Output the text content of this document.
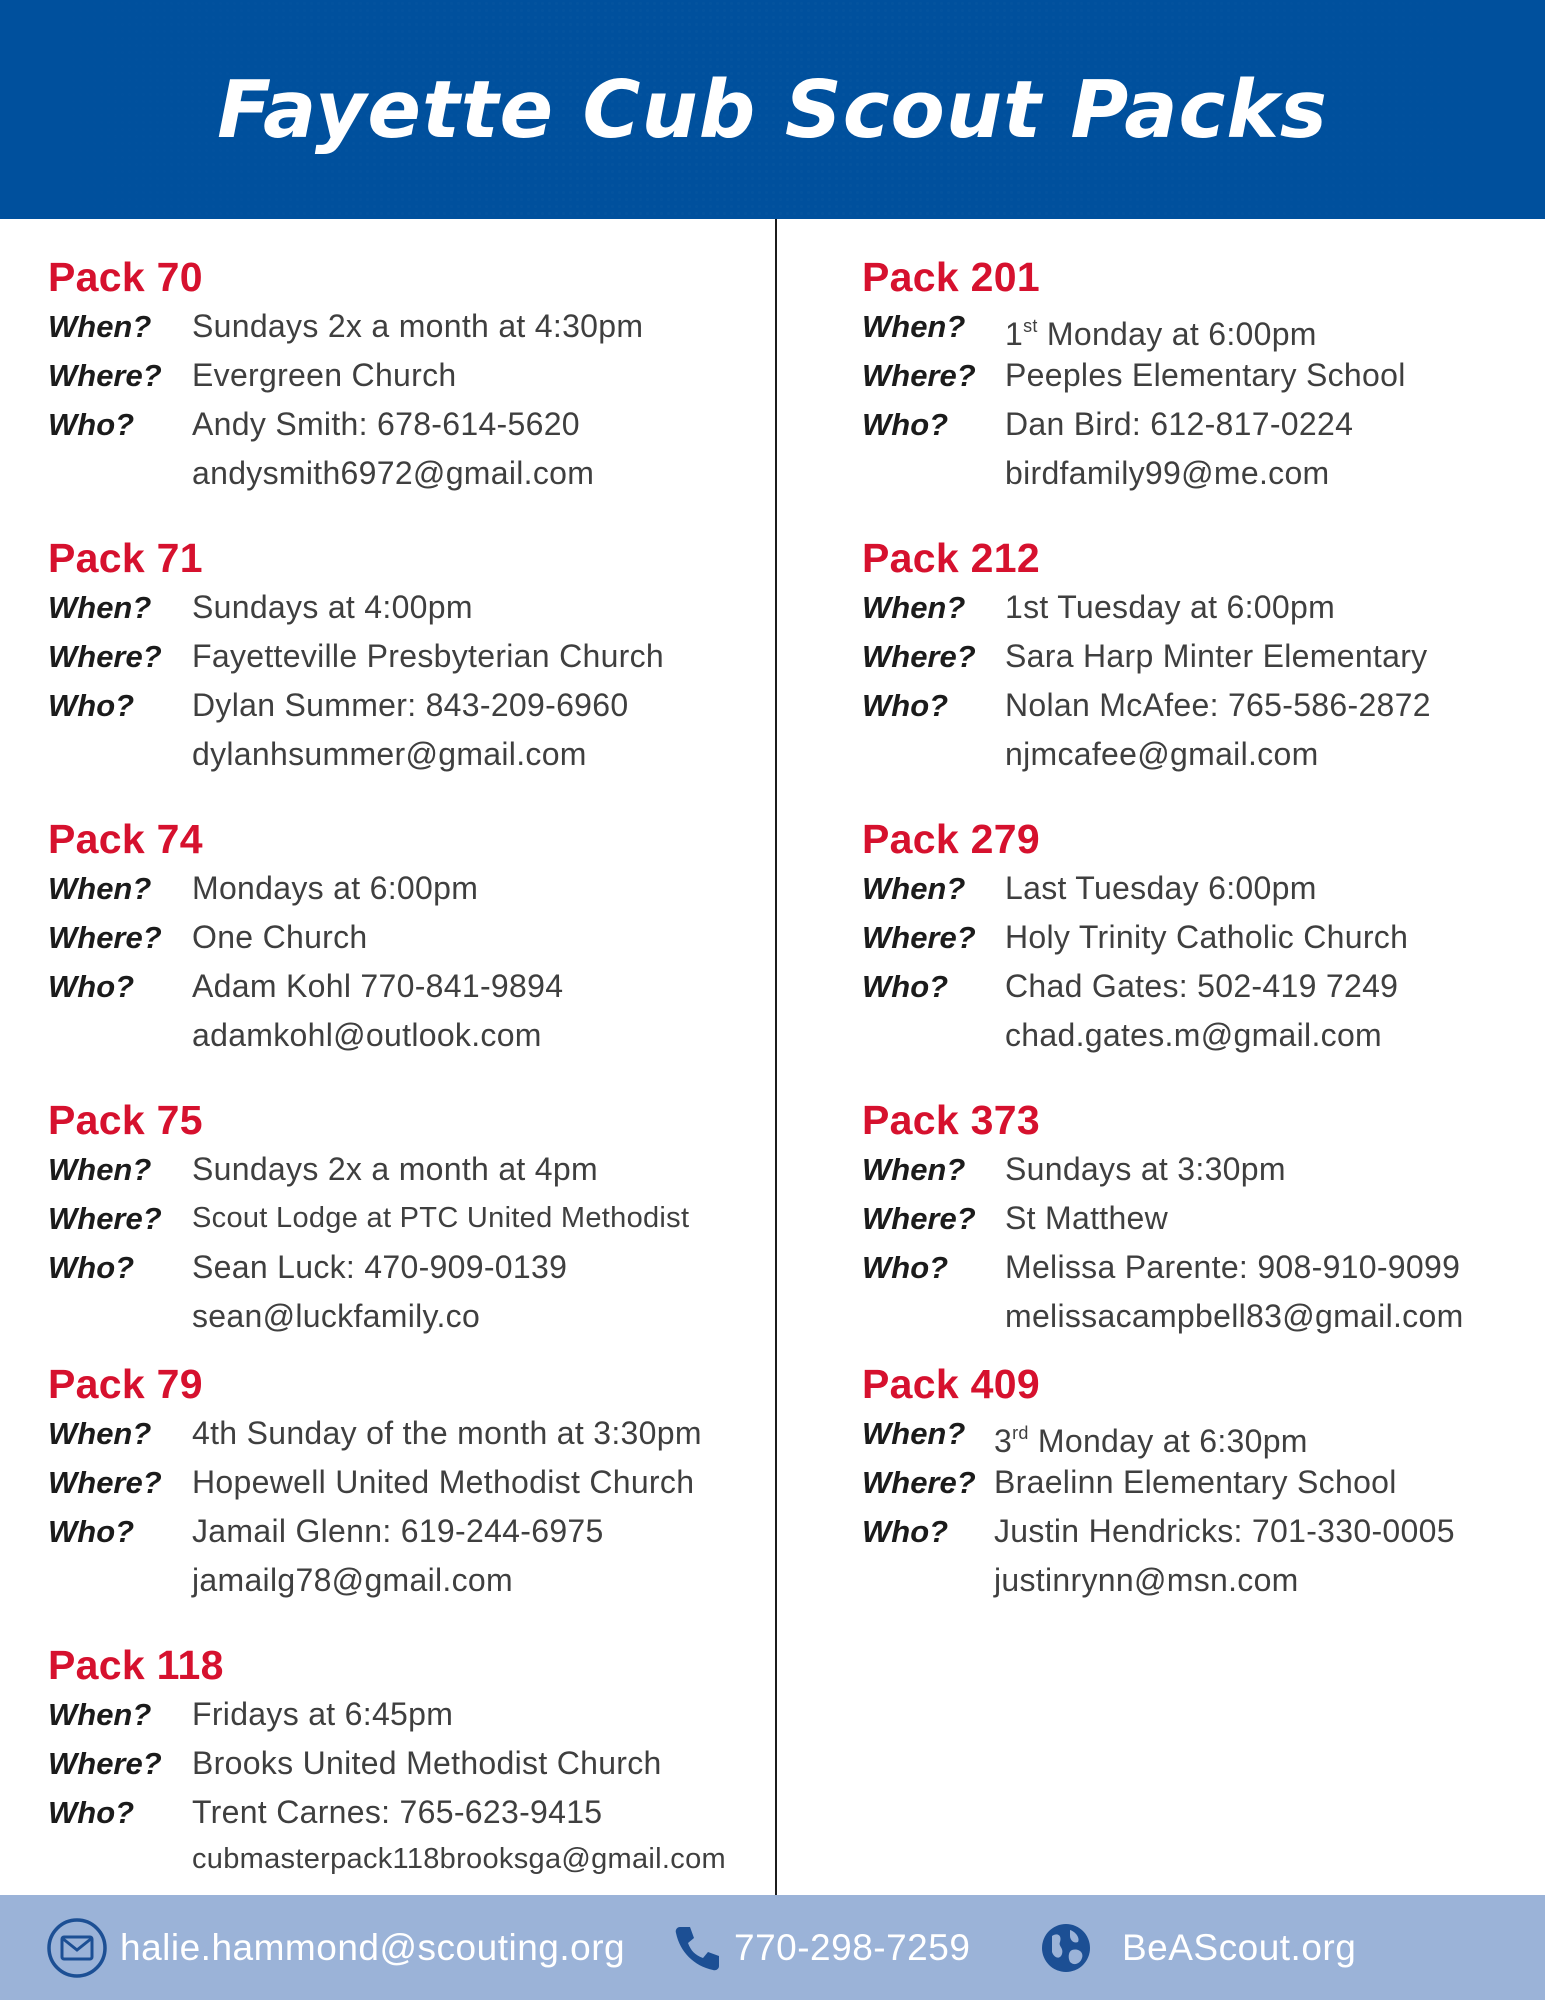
Fayette Cub Scout Packs
Pack 70
When? Sundays 2x a month at 4:30pm
Where? Evergreen Church
Who? Andy Smith: 678-614-5620
andysmith6972@gmail.com
Pack 71
When? Sundays at 4:00pm
Where? Fayetteville Presbyterian Church
Who? Dylan Summer: 843-209-6960
dylanhsummer@gmail.com
Pack 74
When? Mondays at 6:00pm
Where? One Church
Who? Adam Kohl 770-841-9894
adamkohl@outlook.com
Pack 75
When? Sundays 2x a month at 4pm
Where? Scout Lodge at PTC United Methodist
Who? Sean Luck: 470-909-0139
sean@luckfamily.co
Pack 79
When? 4th Sunday of the month at 3:30pm
Where? Hopewell United Methodist Church
Who? Jamail Glenn: 619-244-6975
jamailg78@gmail.com
Pack 118
When? Fridays at 6:45pm
Where? Brooks United Methodist Church
Who? Trent Carnes: 765-623-9415
cubmasterpack118brooksga@gmail.com
Pack 201
When? 1st Monday at 6:00pm
Where? Peeples Elementary School
Who? Dan Bird: 612-817-0224
birdfamily99@me.com
Pack 212
When? 1st Tuesday at 6:00pm
Where? Sara Harp Minter Elementary
Who? Nolan McAfee: 765-586-2872
njmcafee@gmail.com
Pack 279
When? Last Tuesday 6:00pm
Where? Holy Trinity Catholic Church
Who? Chad Gates: 502-419 7249
chad.gates.m@gmail.com
Pack 373
When? Sundays at 3:30pm
Where? St Matthew
Who? Melissa Parente: 908-910-9099
melissacampbell83@gmail.com
Pack 409
When? 3rd Monday at 6:30pm
Where? Braelinn Elementary School
Who? Justin Hendricks: 701-330-0005
justinrynn@msn.com
halie.hammond@scouting.org	770-298-7259	BeAScout.org
